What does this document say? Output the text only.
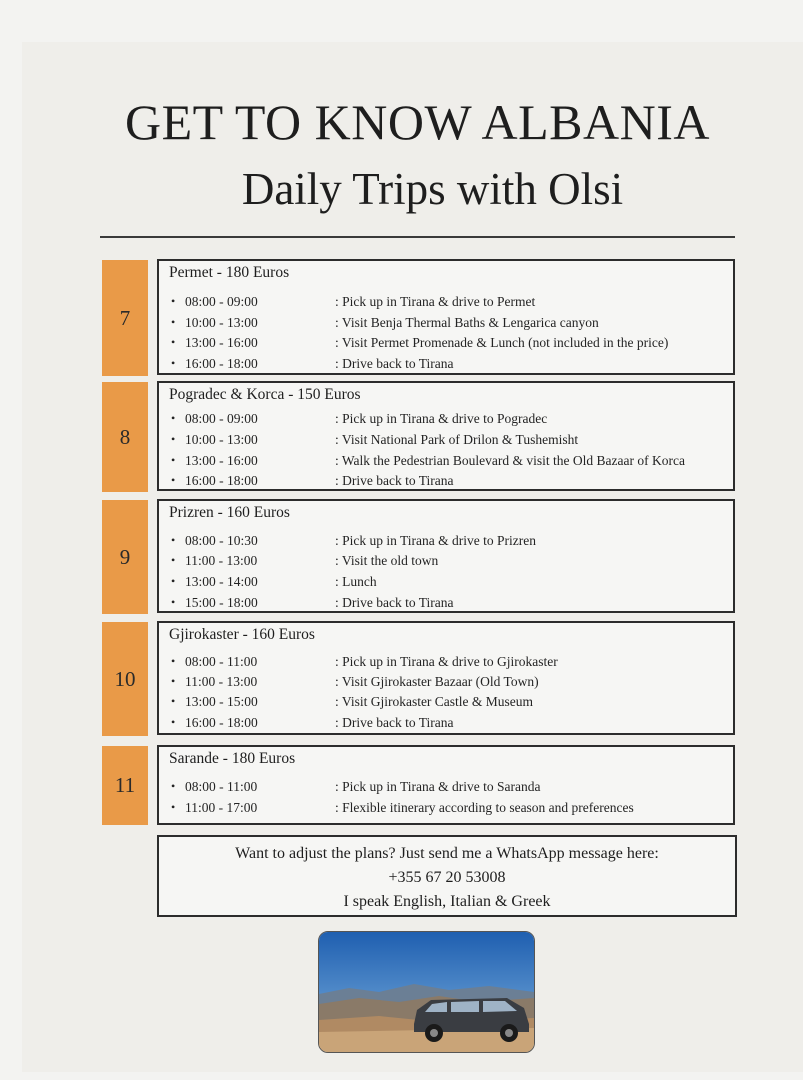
GET TO KNOW ALBANIA
Daily Trips with Olsi
7
Permet - 180 Euros
• 08:00 - 09:00	: Pick up in Tirana & drive to Permet
• 10:00 - 13:00	: Visit Benja Thermal Baths & Lengarica canyon
• 13:00 - 16:00	: Visit Permet Promenade & Lunch (not included in the price)
• 16:00 - 18:00	: Drive back to Tirana
8
Pogradec & Korca - 150 Euros
• 08:00 - 09:00	: Pick up in Tirana & drive to Pogradec
• 10:00 - 13:00	: Visit National Park of Drilon & Tushemisht
• 13:00 - 16:00	: Walk the Pedestrian Boulevard & visit the Old Bazaar of Korca
• 16:00 - 18:00	: Drive back to Tirana
9
Prizren - 160 Euros
• 08:00 - 10:30	: Pick up in Tirana & drive to Prizren
• 11:00 - 13:00	: Visit the old town
• 13:00 - 14:00	: Lunch
• 15:00 - 18:00	: Drive back to Tirana
10
Gjirokaster - 160 Euros
• 08:00 - 11:00	: Pick up in Tirana & drive to Gjirokaster
• 11:00 - 13:00	: Visit Gjirokaster Bazaar (Old Town)
• 13:00 - 15:00	: Visit Gjirokaster Castle & Museum
• 16:00 - 18:00	: Drive back to Tirana
11
Sarande - 180 Euros
• 08:00 - 11:00	: Pick up in Tirana & drive to Saranda
• 11:00 - 17:00	: Flexible itinerary according to season and preferences
Want to adjust the plans? Just send me a WhatsApp message here:
+355 67 20 53008
I speak English, Italian & Greek
